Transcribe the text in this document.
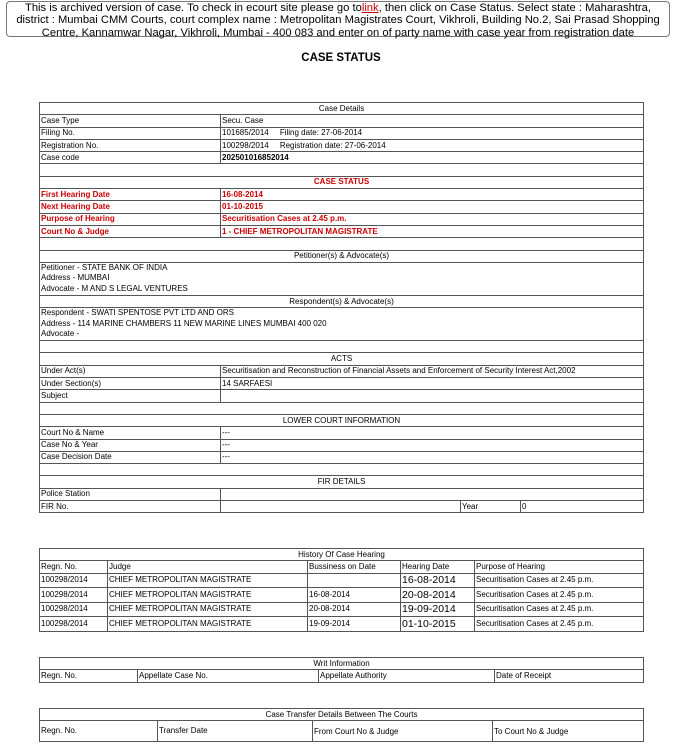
This is archived version of case. To check in ecourt site please go tolink, then click on Case Status. Select state : Maharashtra, district : Mumbai CMM Courts, court complex name : Metropolitan Magistrates Court, Vikhroli, Building No.2, Sai Prasad Shopping Centre, Kannamwar Nagar, Vikhroli, Mumbai - 400 083 and enter on of party name with case year from registration date
CASE STATUS
Case Details			
Case Type	Secu. Case		
Filing No.	101685/2014     Filing date: 27-06-2014		
Registration No.	100298/2014     Registration date: 27-06-2014		
Case code	202501016852014		

CASE STATUS			
First Hearing Date	16-08-2014		
Next Hearing Date	01-10-2015		
Purpose of Hearing	Securitisation Cases at 2.45 p.m.		
Court No & Judge	1 - CHIEF METROPOLITAN MAGISTRATE		

Petitioner(s) & Advocate(s)			

Petitioner - STATE BANK OF INDIA
Address - MUMBAI
Advocate - M AND S LEGAL VENTURES			

Respondent(s) & Advocate(s)			

Respondent - SWATI SPENTOSE PVT LTD AND ORS
Address - 114 MARINE CHAMBERS 11 NEW MARINE LINES MUMBAI 400 020
Advocate -			

ACTS			
Under Act(s)	Securitisation and Reconstruction of Financial Assets and Enforcement of Security Interest Act,2002		
Under Section(s)	14 SARFAESI		
Subject			

LOWER COURT INFORMATION			
Court No & Name	---		
Case No & Year	---		
Case Decision Date	---		

FIR DETAILS			
Police Station			
FIR No.		Year	0
History Of Case Hearing				
Regn. No.	Judge	Bussiness on Date	Hearing Date	Purpose of Hearing
100298/2014	CHIEF METROPOLITAN MAGISTRATE		16-08-2014	Securitisation Cases at 2.45 p.m.
100298/2014	CHIEF METROPOLITAN MAGISTRATE	16-08-2014	20-08-2014	Securitisation Cases at 2.45 p.m.
100298/2014	CHIEF METROPOLITAN MAGISTRATE	20-08-2014	19-09-2014	Securitisation Cases at 2.45 p.m.
100298/2014	CHIEF METROPOLITAN MAGISTRATE	19-09-2014	01-10-2015	Securitisation Cases at 2.45 p.m.
Writ Information
Regn. No.	Appellate Case No.	Appellate Authority	Date of Receipt
Case Transfer Details Between The Courts
Regn. No.	Transfer Date	From Court No & Judge	To Court No & Judge
